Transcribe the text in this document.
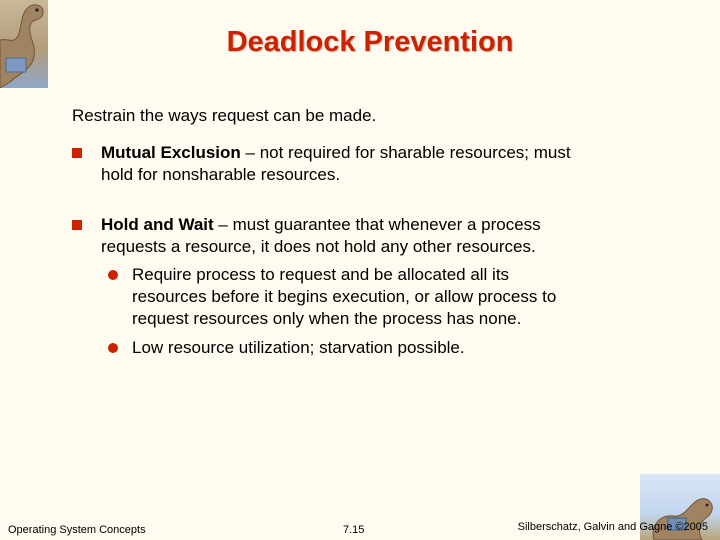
Deadlock Prevention
Restrain the ways request can be made.
Mutual Exclusion – not required for sharable resources; must hold for nonsharable resources.
Hold and Wait – must guarantee that whenever a process requests a resource, it does not hold any other resources.
Require process to request and be allocated all its resources before it begins execution, or allow process to request resources only when the process has none.
Low resource utilization; starvation possible.
Operating System Concepts	7.15	Silberschatz, Galvin and Gagne ©2005
